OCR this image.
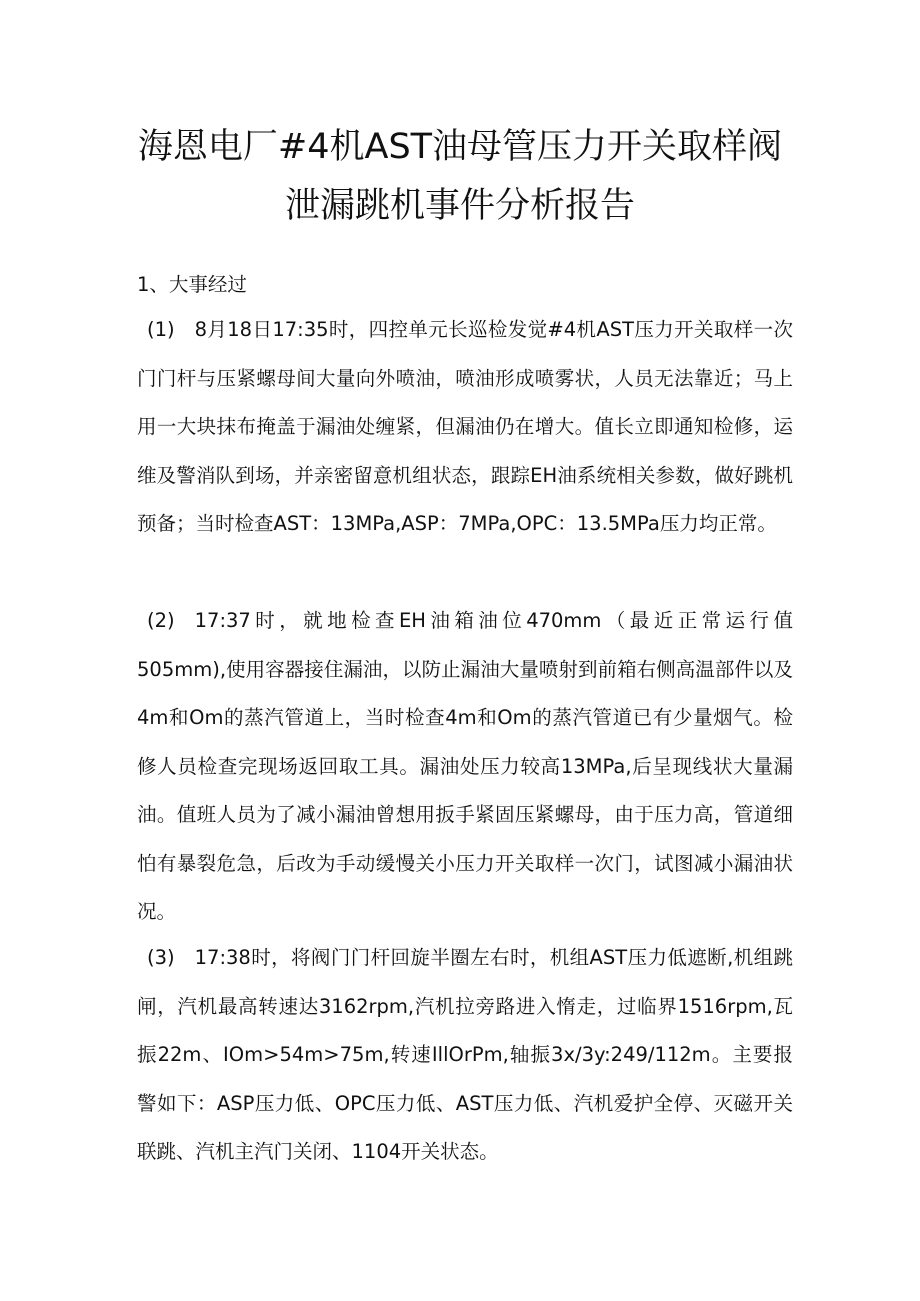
海恩电厂#4机AST油母管压力开关取样阀
泄漏跳机事件分析报告
1、大事经过

(1) 8月18日17:35时，四控单元长巡检发觉#4机AST压力开关取样一次门门杆与压紧螺母间大量向外喷油，喷油形成喷雾状，人员无法靠近；马上用一大块抹布掩盖于漏油处缠紧，但漏油仍在增大。值长立即通知检修，运维及警消队到场，并亲密留意机组状态，跟踪EH油系统相关参数，做好跳机预备；当时检查AST：13MPa,ASP：7MPa,OPC：13.5MPa压力均正常。

(2) 17:37时，就地检查EH油箱油位470mm（最近正常运行值505mm),使用容器接住漏油，以防止漏油大量喷射到前箱右侧高温部件以及4m和Om的蒸汽管道上，当时检查4m和Om的蒸汽管道已有少量烟气。检修人员检查完现场返回取工具。漏油处压力较高13MPa,后呈现线状大量漏油。值班人员为了减小漏油曾想用扳手紧固压紧螺母，由于压力高，管道细怕有暴裂危急，后改为手动缓慢关小压力开关取样一次门，试图减小漏油状况。

(3) 17:38时，将阀门门杆回旋半圈左右时，机组AST压力低遮断,机组跳闸，汽机最高转速达3162rpm,汽机拉旁路进入惰走，过临界1516rpm,瓦振22m、IOm>54m>75m,转速IllOrPm,轴振3x∕3y:249∕112m。主要报警如下：ASP压力低、OPC压力低、AST压力低、汽机爱护全停、灭磁开关联跳、汽机主汽门关闭、1104开关状态。
